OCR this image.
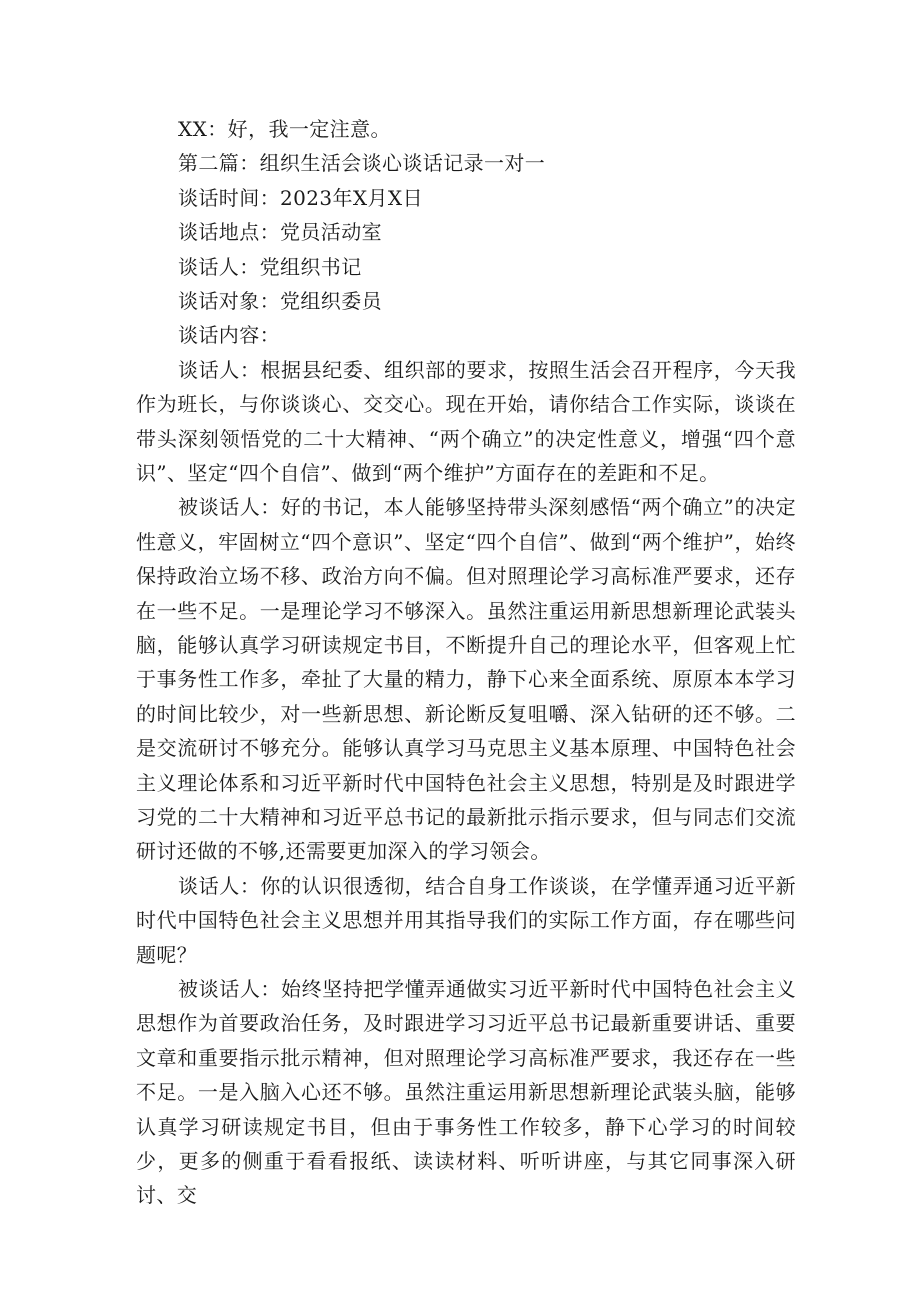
XX：好，我一定注意。
第二篇：组织生活会谈心谈话记录一对一
谈话时间：2023年X月X日
谈话地点：党员活动室
谈话人：党组织书记
谈话对象：党组织委员
谈话内容：

谈话人：根据县纪委、组织部的要求，按照生活会召开程序，今天我作为班长，与你谈谈心、交交心。现在开始，请你结合工作实际，谈谈在带头深刻领悟党的二十大精神、“两个确立”的决定性意义，增强“四个意识”、坚定“四个自信”、做到“两个维护”方面存在的差距和不足。

被谈话人：好的书记，本人能够坚持带头深刻感悟“两个确立”的决定性意义，牢固树立“四个意识”、坚定“四个自信”、做到“两个维护”，始终保持政治立场不移、政治方向不偏。但对照理论学习高标准严要求，还存在一些不足。一是理论学习不够深入。虽然注重运用新思想新理论武装头脑，能够认真学习研读规定书目，不断提升自己的理论水平，但客观上忙于事务性工作多，牵扯了大量的精力，静下心来全面系统、原原本本学习的时间比较少，对一些新思想、新论断反复咀嚼、深入钻研的还不够。二是交流研讨不够充分。能够认真学习马克思主义基本原理、中国特色社会主义理论体系和习近平新时代中国特色社会主义思想，特别是及时跟进学习党的二十大精神和习近平总书记的最新批示指示要求，但与同志们交流研讨还做的不够,还需要更加深入的学习领会。

谈话人：你的认识很透彻，结合自身工作谈谈，在学懂弄通习近平新时代中国特色社会主义思想并用其指导我们的实际工作方面，存在哪些问题呢？

被谈话人：始终坚持把学懂弄通做实习近平新时代中国特色社会主义思想作为首要政治任务，及时跟进学习习近平总书记最新重要讲话、重要文章和重要指示批示精神，但对照理论学习高标准严要求，我还存在一些不足。一是入脑入心还不够。虽然注重运用新思想新理论武装头脑，能够认真学习研读规定书目，但由于事务性工作较多，静下心学习的时间较少，更多的侧重于看看报纸、读读材料、听听讲座，与其它同事深入研讨、交
